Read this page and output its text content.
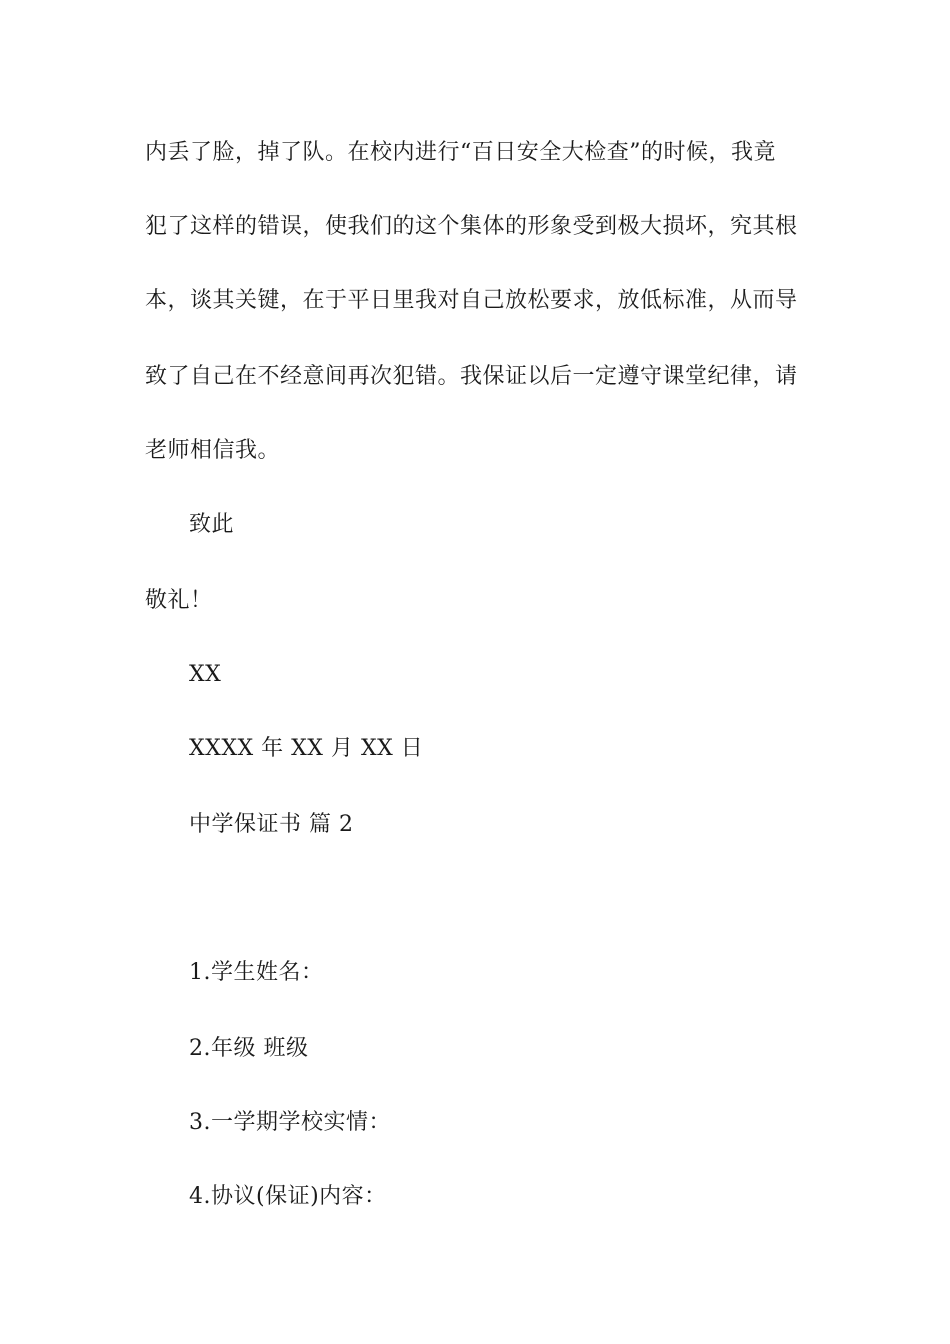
内丢了脸，掉了队。在校内进行“百日安全大检查”的时候，我竟
犯了这样的错误，使我们的这个集体的形象受到极大损坏，究其根
本，谈其关键，在于平日里我对自己放松要求，放低标准，从而导
致了自己在不经意间再次犯错。我保证以后一定遵守课堂纪律，请
老师相信我。
致此
敬礼！
XX
XXXX 年 XX 月 XX 日
中学保证书 篇 2
1.学生姓名：
2.年级 班级
3.一学期学校实情：
4.协议(保证)内容：
